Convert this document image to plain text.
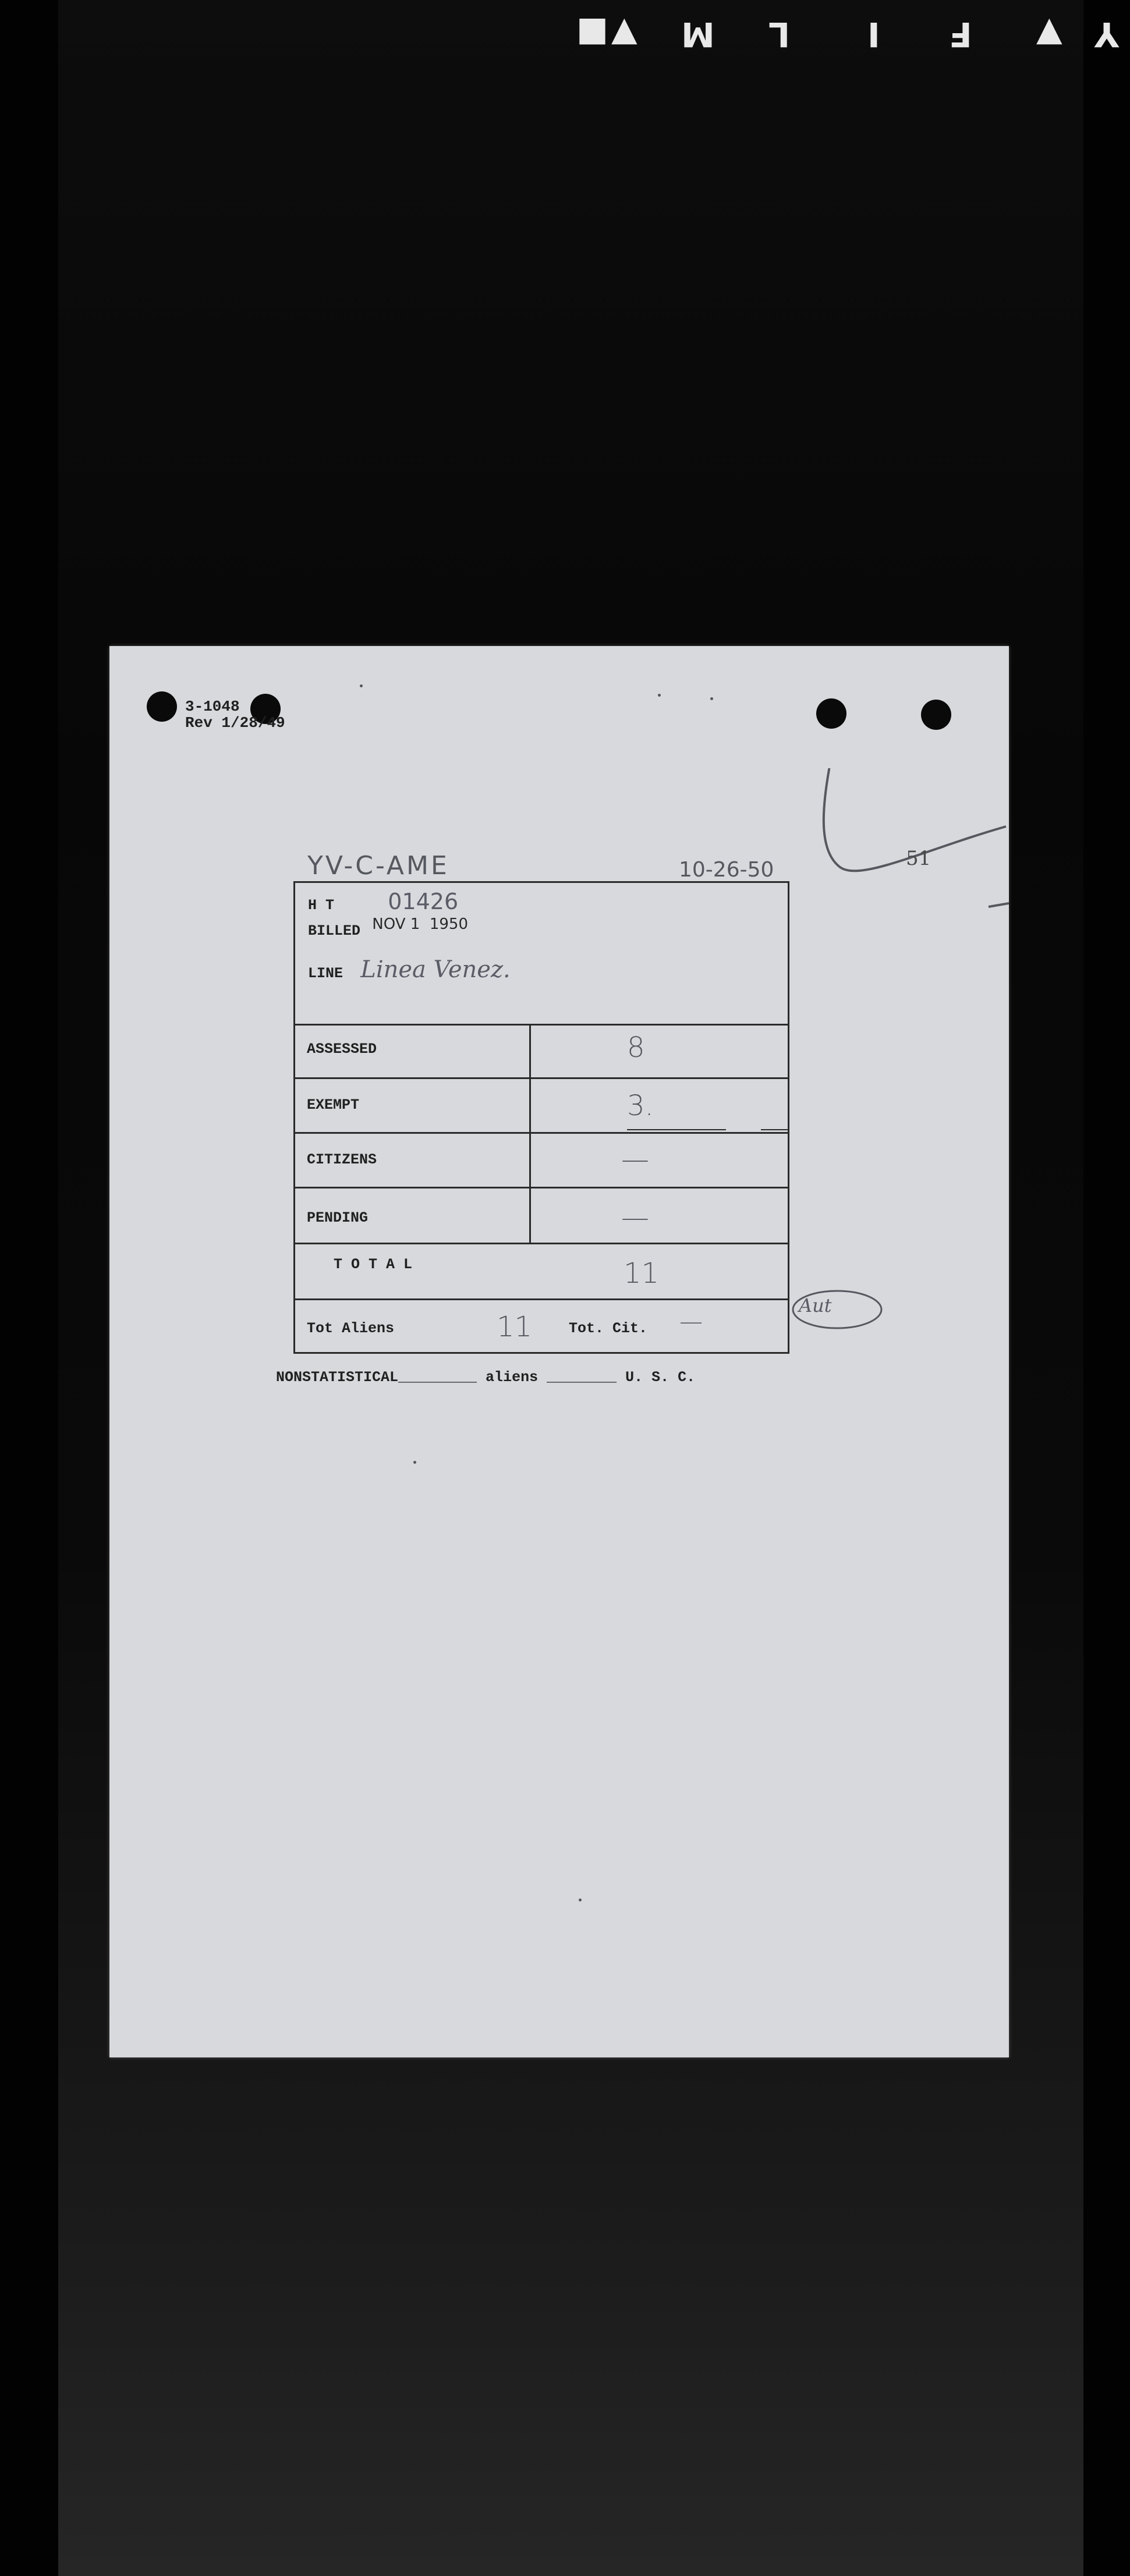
■ ▼ M L I F ▼ Y
3-1048
Rev 1/28/49
51
YV-C-AME	10-26-50
H T 01426
BILLED NOV 1  1950
LINE Linea Venez.
ASSESSED	8
EXEMPT	3.
CITIZENS	—
PENDING	—
T O T A L	11
Tot Aliens	11	Tot. Cit. —
Aut
NONSTATISTICAL_________ aliens ________ U. S. C.
